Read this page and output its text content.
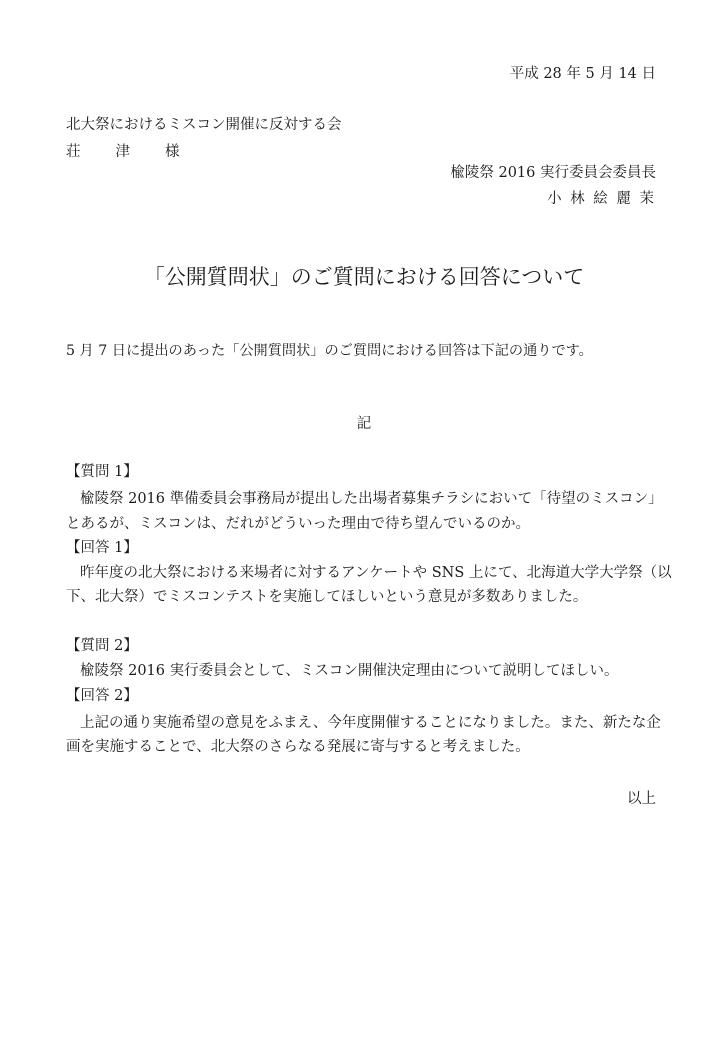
平成 28 年 5 月 14 日
北大祭におけるミスコン開催に反対する会
荘　　津　　様
楡陵祭 2016 実行委員会委員長
小 林 絵 麗 茉
「公開質問状」のご質問における回答について
5 月 7 日に提出のあった「公開質問状」のご質問における回答は下記の通りです。
記
【質問 1】
楡陵祭 2016 準備委員会事務局が提出した出場者募集チラシにおいて「待望のミスコン」
とあるが、ミスコンは、だれがどういった理由で待ち望んでいるのか。
【回答 1】
昨年度の北大祭における来場者に対するアンケートや SNS 上にて、北海道大学大学祭（以
下、北大祭）でミスコンテストを実施してほしいという意見が多数ありました。
【質問 2】
楡陵祭 2016 実行委員会として、ミスコン開催決定理由について説明してほしい。
【回答 2】
上記の通り実施希望の意見をふまえ、今年度開催することになりました。また、新たな企
画を実施することで、北大祭のさらなる発展に寄与すると考えました。
以上
